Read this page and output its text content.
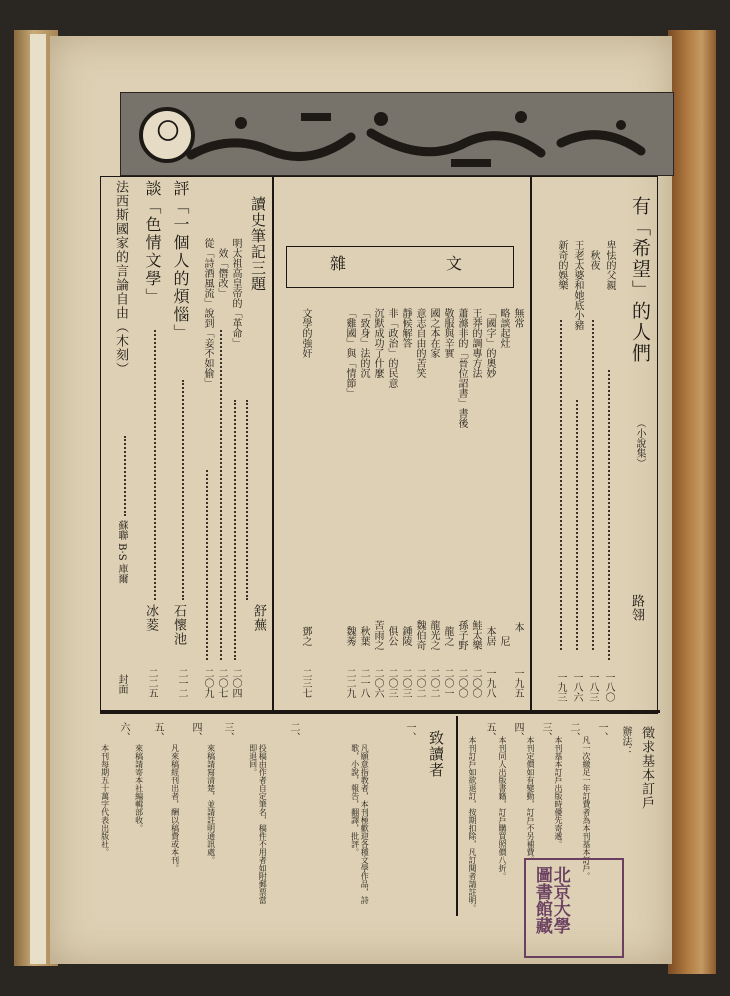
〇
有「希望」的人們
（小說集）
路翎
卑怯的父親
秋夜
王老太婆和她底小豬
新奇的娛樂
一八〇
一八三
一八六
一九三
雜文
無常
略談起灶
「國字」的奧妙
王莽的調專方法
蕭滌非的「晉位詔書」書後
敬服與辛實
國之本在家
意志自由的苦笑
靜候解答
非「政治」的民意
沉默成功了什麼
「致身」法的沉
「雞國」與「情節」
文學的強奸
本
尼
本居
鮭太樂
孫子野
龍之
龍光之
魏伯奇
鍾陵
俱公
苦雨之
秋葉
魏莠
鄧之
一九五
一九八
二〇〇
二〇〇
二〇一
二〇二
二〇二
二〇三
二〇三
二〇六
二一八
二二九
二三七
讀史筆記三題
舒蕪
明太祖高皇帝的「革命」
效「僭改」
從「詩酒風流」說到「妾不如偷」
二〇四
二〇七
二〇九
評「一個人的煩惱」
石懷池
二一二
談「色情文學」
冰菱
二二五
法西斯國家的言論自由（木刻）
蘇聯 B·S 庫爾
封面
徵求基本訂戶
辦法：
一、
凡一次繳足一年訂費者為本刊基本訂戶。
二、
本刊基本訂戶出版時優先寄遞。
三、
本刊定價如有變動，訂戶不另補費。
四、
本刊同人出版書籍，訂戶購買照價八折。
五、
本刊訂戶如欲退訂，按期扣除，凡訂閱者請註明。
致讀者
一、
凡願意指教者，本刊極歡迎各種文學作品，詩歌，小說，報告，翻譯，批評。
二、
投稿由作者自定筆名，稿件不用者如附郵票當即退回。
三、
來稿請寫清楚，並請註明通訊處。
四、
凡來稿經刊出者，酬以稿費或本刊。
五、
來稿請寄本社編輯部收。
六、
本刊每期五十萬字代表出版社。
北京大學圖書館藏
